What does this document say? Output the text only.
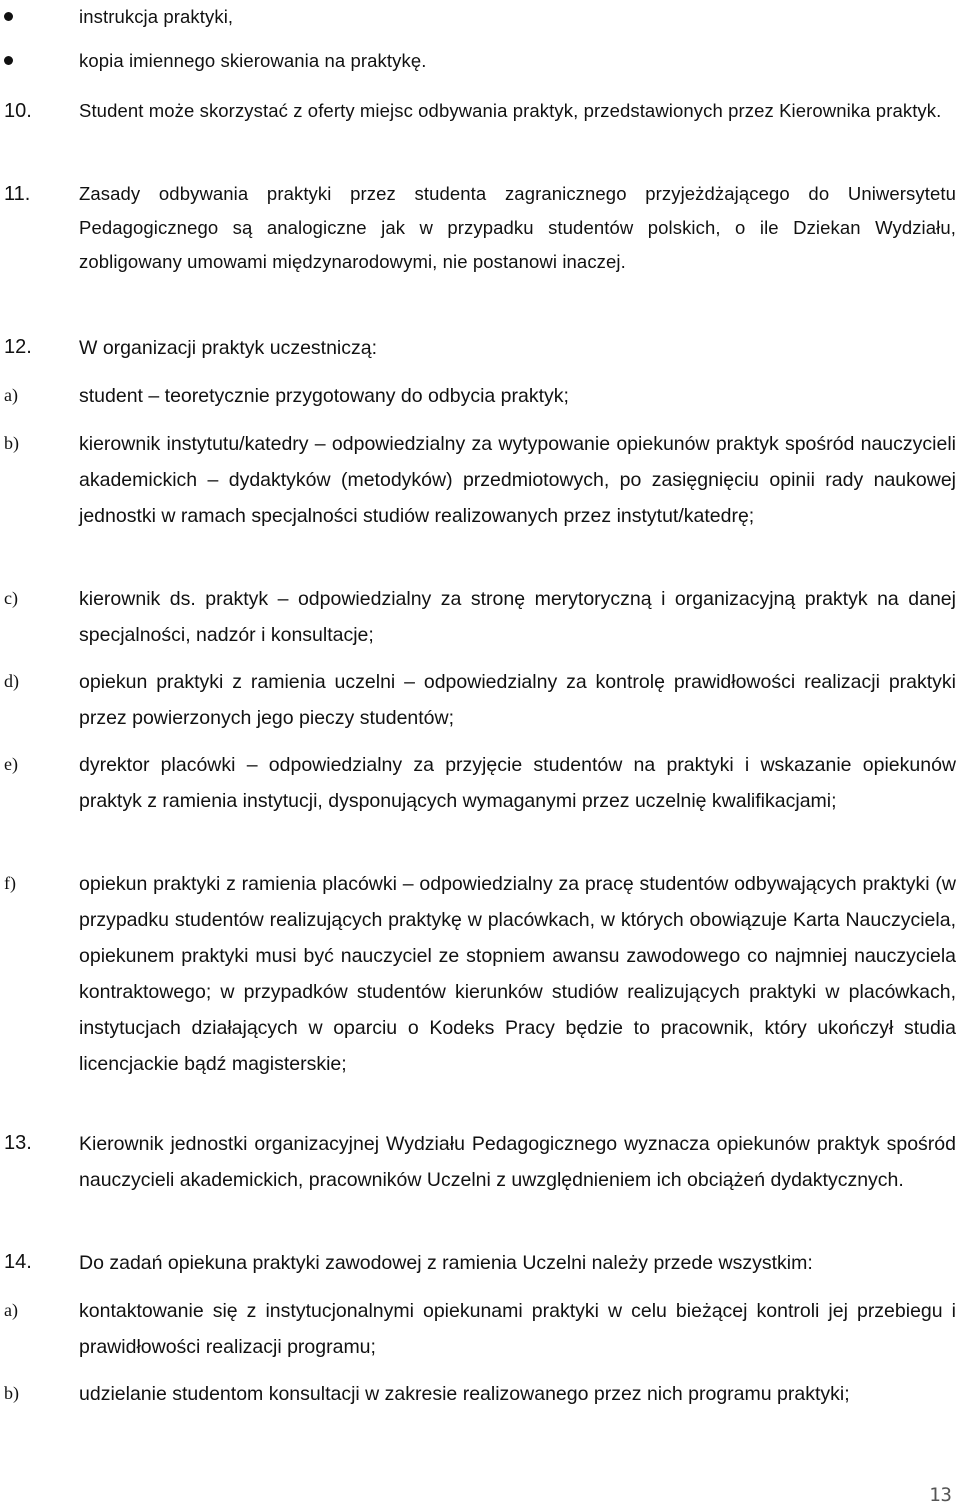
instrukcja praktyki,
kopia imiennego skierowania na praktykę.
10.	Student może skorzystać z oferty miejsc odbywania praktyk, przedstawionych przez Kierownika praktyk.
11.	Zasady odbywania praktyki przez studenta zagranicznego przyjeżdżającego do Uniwersytetu Pedagogicznego są analogiczne jak w przypadku studentów polskich, o ile Dziekan Wydziału, zobligowany umowami międzynarodowymi, nie postanowi inaczej.
12. W organizacji praktyk uczestniczą:
a)	student – teoretycznie przygotowany do odbycia praktyk;
b)	kierownik instytutu/katedry – odpowiedzialny za wytypowanie opiekunów praktyk spośród nauczycieli akademickich – dydaktyków (metodyków) przedmiotowych, po zasięgnięciu opinii rady naukowej jednostki w ramach specjalności studiów realizowanych przez instytut/katedrę;
c)	kierownik ds. praktyk – odpowiedzialny za stronę merytoryczną i organizacyjną praktyk na danej specjalności, nadzór i konsultacje;
d)	opiekun praktyki z ramienia uczelni – odpowiedzialny za kontrolę prawidłowości realizacji praktyki przez powierzonych jego pieczy studentów;
e)	dyrektor placówki – odpowiedzialny za przyjęcie studentów na praktyki i wskazanie opiekunów praktyk z ramienia instytucji, dysponujących wymaganymi przez uczelnię kwalifikacjami;
f)	opiekun praktyki z ramienia placówki – odpowiedzialny za pracę studentów odbywających praktyki (w przypadku studentów realizujących praktykę w placówkach, w których obowiązuje Karta Nauczyciela, opiekunem praktyki musi być nauczyciel ze stopniem awansu zawodowego co najmniej nauczyciela kontraktowego; w przypadków studentów kierunków studiów realizujących praktyki w placówkach, instytucjach działających w oparciu o Kodeks Pracy będzie to pracownik, który ukończył studia licencjackie bądź magisterskie;
13. Kierownik jednostki organizacyjnej Wydziału Pedagogicznego wyznacza opiekunów praktyk spośród nauczycieli akademickich, pracowników Uczelni z uwzględnieniem ich obciążeń dydaktycznych.
14. Do zadań opiekuna praktyki zawodowej z ramienia Uczelni należy przede wszystkim:
a)	kontaktowanie się z instytucjonalnymi opiekunami praktyki w celu bieżącej kontroli jej przebiegu i prawidłowości realizacji programu;
b)	udzielanie studentom konsultacji w zakresie realizowanego przez nich programu praktyki;
13
